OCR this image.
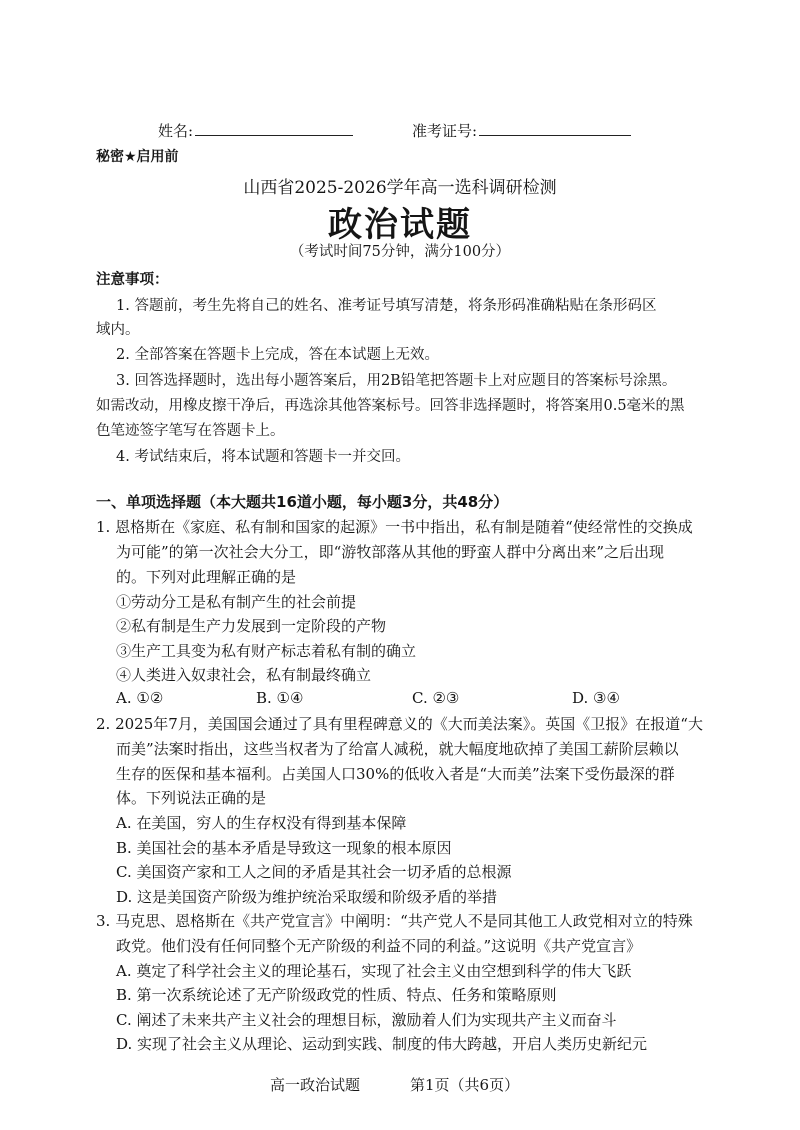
姓名:	准考证号:
秘密★启用前
山西省2025-2026学年高一选科调研检测
政治试题
（考试时间75分钟，满分100分）
注意事项：
1. 答题前，考生先将自己的姓名、准考证号填写清楚，将条形码准确粘贴在条形码区
域内。
2. 全部答案在答题卡上完成，答在本试题上无效。
3. 回答选择题时，选出每小题答案后，用2B铅笔把答题卡上对应题目的答案标号涂黑。
如需改动，用橡皮擦干净后，再选涂其他答案标号。回答非选择题时，将答案用0.5毫米的黑
色笔迹签字笔写在答题卡上。
4. 考试结束后，将本试题和答题卡一并交回。
一、单项选择题（本大题共16道小题，每小题3分，共48分）
1. 恩格斯在《家庭、私有制和国家的起源》一书中指出，私有制是随着“使经常性的交换成
为可能”的第一次社会大分工，即“游牧部落从其他的野蛮人群中分离出来”之后出现
的。下列对此理解正确的是
①劳动分工是私有制产生的社会前提
②私有制是生产力发展到一定阶段的产物
③生产工具变为私有财产标志着私有制的确立
④人类进入奴隶社会，私有制最终确立
A. ①②	B. ①④	C. ②③	D. ③④
2. 2025年7月，美国国会通过了具有里程碑意义的《大而美法案》。英国《卫报》在报道“大
而美”法案时指出，这些当权者为了给富人减税，就大幅度地砍掉了美国工薪阶层赖以
生存的医保和基本福利。占美国人口30%的低收入者是“大而美”法案下受伤最深的群
体。下列说法正确的是
A. 在美国，穷人的生存权没有得到基本保障
B. 美国社会的基本矛盾是导致这一现象的根本原因
C. 美国资产家和工人之间的矛盾是其社会一切矛盾的总根源
D. 这是美国资产阶级为维护统治采取缓和阶级矛盾的举措
3. 马克思、恩格斯在《共产党宣言》中阐明：“共产党人不是同其他工人政党相对立的特殊
政党。他们没有任何同整个无产阶级的利益不同的利益。”这说明《共产党宣言》
A. 奠定了科学社会主义的理论基石，实现了社会主义由空想到科学的伟大飞跃
B. 第一次系统论述了无产阶级政党的性质、特点、任务和策略原则
C. 阐述了未来共产主义社会的理想目标，激励着人们为实现共产主义而奋斗
D. 实现了社会主义从理论、运动到实践、制度的伟大跨越，开启人类历史新纪元
高一政治试题	第1页（共6页）
